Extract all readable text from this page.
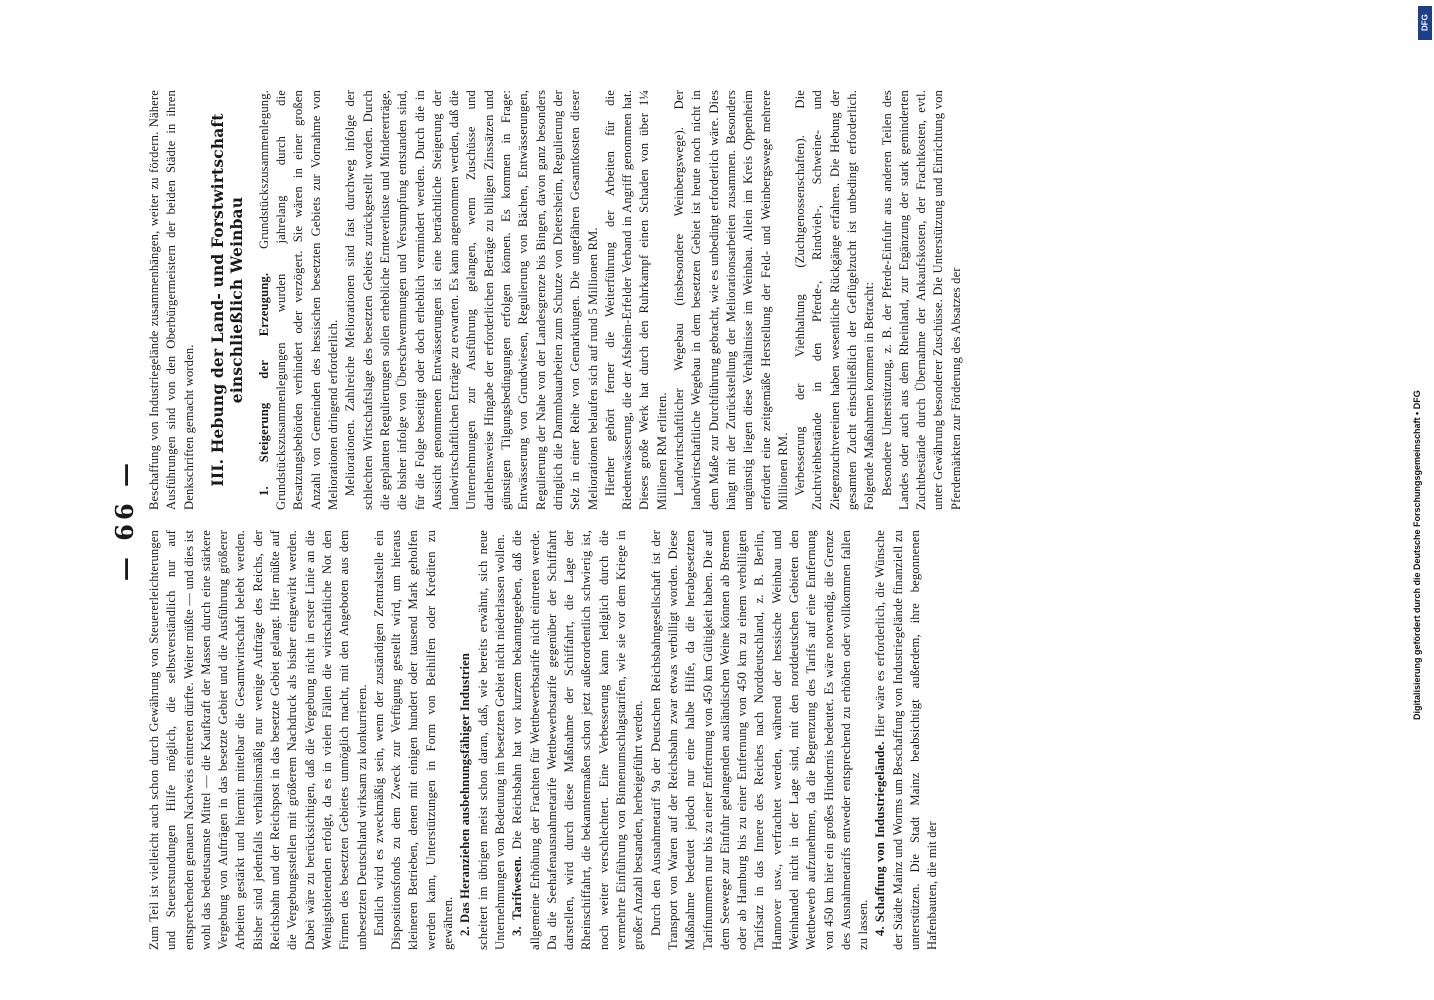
— 66 —

Zum Teil ist vielleicht auch schon durch Gewährung von Steuererleichterungen und Steuerstundungen Hilfe möglich, die selbstverständlich nur auf entsprechenden genauen Nachweis eintreten dürfte. Weiter müßte — und dies ist wohl das bedeutsamste Mittel — die Kaufkraft der Massen durch eine stärkere Vergebung von Aufträgen in das besetzte Gebiet und die Ausführung größerer Arbeiten gestärkt und hiermit mittelbar die Gesamtwirtschaft belebt werden. Bisher sind jedenfalls verhältnismäßig nur wenige Aufträge des Reichs, der Reichsbahn und der Reichspost in das besetzte Gebiet gelangt. Hier müßte auf die Vergebungsstellen mit größerem Nachdruck als bisher eingewirkt werden. Dabei wäre zu berücksichtigen, daß die Vergebung nicht in erster Linie an die Wenigstbietenden erfolgt, da es in vielen Fällen die wirtschaftliche Not den Firmen des besetzten Gebietes unmöglich macht, mit den Angeboten aus dem unbesetzten Deutschland wirksam zu konkurrieren. Endlich wird es zweckmäßig sein, wenn der zuständigen Zentralstelle ein Dispositionsfonds zu dem Zweck zur Verfügung gestellt wird, um hieraus kleineren Betrieben, denen mit einigen hundert oder tausend Mark geholfen werden kann, Unterstützungen in Form von Beihilfen oder Krediten zu gewähren. 2. Das Heranziehen ausbehnungsfähiger Industrien scheitert im übrigen meist schon daran, daß, wie bereits erwähnt, sich neue Unternehmungen von Bedeutung im besetzten Gebiet nicht niederlassen wollen. 3. Tarifwesen. Die Reichsbahn hat vor kurzem bekanntgegeben, daß die allgemeine Erhöhung der Frachten für Wettbewerbstarife nicht eintreten werde. Da die Seehafenausnahmetarife Wettbewerbstarife gegenüber der Schiffahrt darstellen, wird durch diese Maßnahme der Schiffahrt, die Lage der Rheinschiffahrt, die bekanntermaßen schon jetzt außerordentlich schwierig ist, noch weiter verschlechtert. Eine Verbesserung kann lediglich durch die vermehrte Einführung von Binnenumschlagstarifen, wie sie vor dem Kriege in großer Anzahl bestanden, herbeigeführt werden. Durch den Ausnahmetarif 9a der Deutschen Reichsbahngesellschaft ist der Transport von Waren auf der Reichsbahn zwar etwas verbilligt worden. Diese Maßnahme bedeutet jedoch nur eine halbe Hilfe, da die herabgesetzten Tarifnummern nur bis zu einer Entfernung von 450 km Gültigkeit haben. Die auf dem Seewege zur Einfuhr gelangenden ausländischen Weine können ab Bremen oder ab Hamburg bis zu einer Entfernung von 450 km zu einem verbilligten Tarifsatz in das Innere des Reiches nach Norddeutschland, z. B. Berlin, Hannover usw., verfrachtet werden, während der hessische Weinbau und Weinhandel nicht in der Lage sind, mit den norddeutschen Gebieten den Wettbewerb aufzunehmen, da die Begrenzung des Tarifs auf eine Entfernung von 450 km hier ein großes Hindernis bedeutet. Es wäre notwendig, die Grenze des Ausnahmetarifs entweder entsprechend zu erhöhen oder vollkommen fallen zu lassen. 4. Schaffung von Industriegelände. Hier wäre es erforderlich, die Wünsche der Städte Mainz und Worms um Beschaffung von Industriegelände finanziell zu unterstützen. Die Stadt Mainz beabsichtigt außerdem, ihre begonnenen Hafenbauten, die mit der

Beschaffung von Industriegelände zusammenhängen, weiter zu fördern. Nähere Ausführungen sind von den Oberbürgermeistern der beiden Städte in ihren Denkschriften gemacht worden. III. Hebung der Land- und Forstwirtschaft einschließlich Weinbau 1. Steigerung der Erzeugung. Grundstückszusammenlegung. Grundstückszusammenlegungen wurden jahrelang durch die Besatzungsbehörden verhindert oder verzögert. Sie wären in einer großen Anzahl von Gemeinden des hessischen besetzten Gebiets zur Vornahme von Meliorationen dringend erforderlich. Meliorationen. Zahlreiche Meliorationen sind fast durchweg infolge der schlechten Wirtschaftslage des besetzten Gebiets zurückgestellt worden. Durch die geplanten Regulierungen sollen erhebliche Ernteverluste und Mindererträge, die bisher infolge von Überschwemmungen und Versumpfung entstanden sind, für die Folge beseitigt oder doch erheblich vermindert werden. Durch die in Aussicht genommenen Entwässerungen ist eine beträchtliche Steigerung der landwirtschaftlichen Erträge zu erwarten. Es kann angenommen werden, daß die Unternehmungen zur Ausführung gelangen, wenn Zuschüsse und darlehensweise Hingabe der erforderlichen Beträge zu billigen Zinssätzen und günstigen Tilgungsbedingungen erfolgen können. Es kommen in Frage: Entwässerung von Grundwiesen, Regulierung von Bächen, Entwässerungen, Regulierung der Nahe von der Landesgrenze bis Bingen, davon ganz besonders dringlich die Dammbauarbeiten zum Schutze von Dietersheim, Regulierung der Selz in einer Reihe von Gemarkungen. Die ungefähren Gesamtkosten dieser Meliorationen belaufen sich auf rund 5 Millionen RM. Hierher gehört ferner die Weiterführung der Arbeiten für die Riedentwässerung, die der Afsheim-Erfelder Verband in Angriff genommen hat. Dieses große Werk hat durch den Ruhrkampf einen Schaden von über 1¼ Millionen RM erlitten. Landwirtschaftlicher Wegebau (insbesondere Weinbergswege). Der landwirtschaftliche Wegebau in dem besetzten Gebiet ist heute noch nicht in dem Maße zur Durchführung gebracht, wie es unbedingt erforderlich wäre. Dies hängt mit der Zurückstellung der Meliorationsarbeiten zusammen. Besonders ungünstig liegen diese Verhältnisse im Weinbau. Allein im Kreis Oppenheim erfordert eine zeitgemäße Herstellung der Feld- und Weinbergswege mehrere Millionen RM. Verbesserung der Viehhaltung (Zuchtgenossenschaften). Die Zuchtviehbestände in den Pferde-, Rindvieh-, Schweine- und Ziegenzuchtvereinen haben wesentliche Rückgänge erfahren. Die Hebung der gesamten Zucht einschließlich der Geflügelzucht ist unbedingt erforderlich. Folgende Maßnahmen kommen in Betracht: Besondere Unterstützung, z. B. der Pferde-Einfuhr aus anderen Teilen des Landes oder auch aus dem Rheinland, zur Ergänzung der stark geminderten Zuchtbestände durch Übernahme der Ankaufskosten, der Frachtkosten, evtl. unter Gewährung besonderer Zuschüsse. Die Unterstützung und Einrichtung von Pferdemärkten zur Förderung des Absatzes der

Digitalisierung gefördert durch die Deutsche Forschungsgemeinschaft • DFG
DFG
